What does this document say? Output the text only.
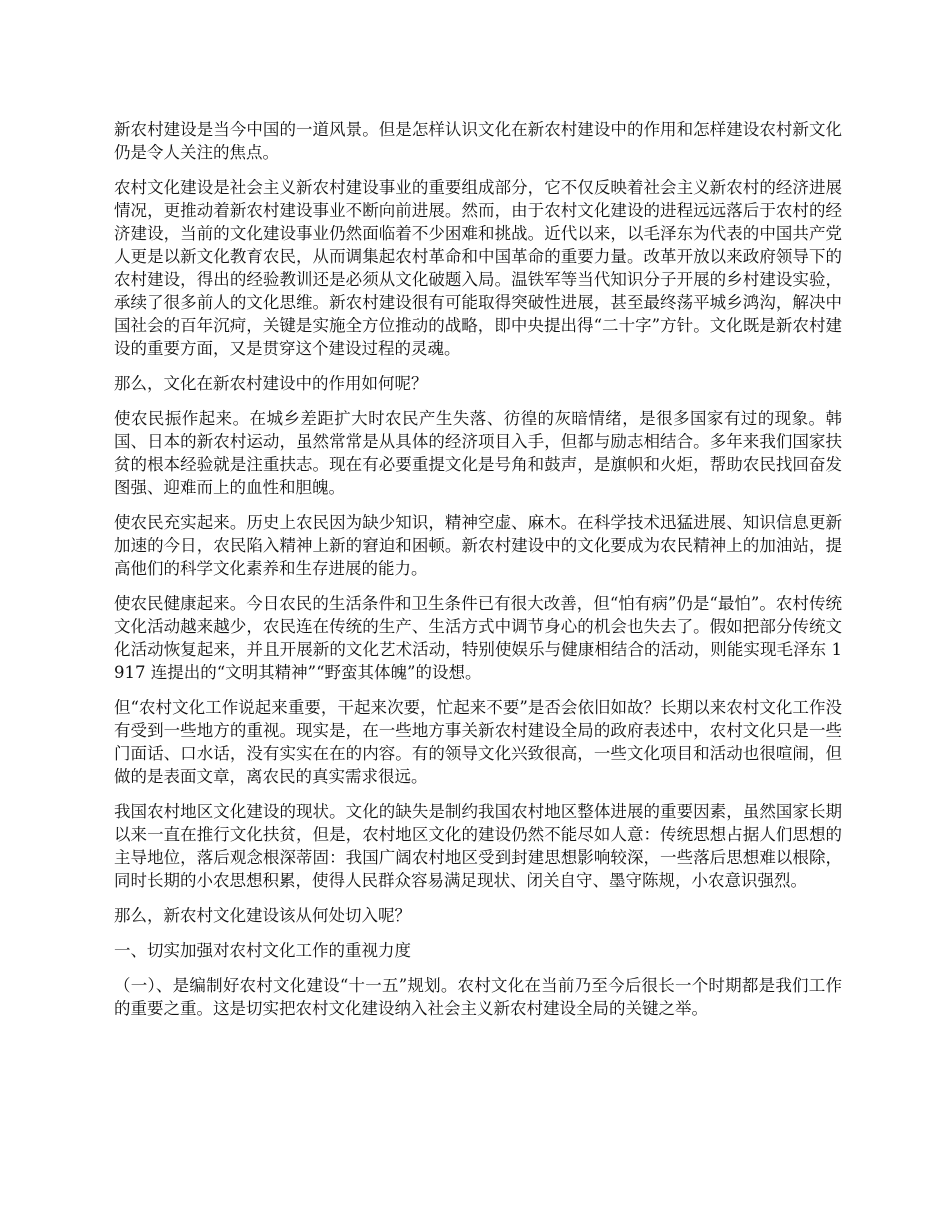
新农村建设是当今中国的一道风景。但是怎样认识文化在新农村建设中的作用和怎样建设农村新文化仍是令人关注的焦点。

农村文化建设是社会主义新农村建设事业的重要组成部分，它不仅反映着社会主义新农村的经济进展情况，更推动着新农村建设事业不断向前进展。然而，由于农村文化建设的进程远远落后于农村的经济建设，当前的文化建设事业仍然面临着不少困难和挑战。近代以来，以毛泽东为代表的中国共产党人更是以新文化教育农民，从而调集起农村革命和中国革命的重要力量。改革开放以来政府领导下的农村建设，得出的经验教训还是必须从文化破题入局。温铁军等当代知识分子开展的乡村建设实验，承续了很多前人的文化思维。新农村建设很有可能取得突破性进展，甚至最终荡平城乡鸿沟，解决中国社会的百年沉疴，关键是实施全方位推动的战略，即中央提出得“二十字”方针。文化既是新农村建设的重要方面，又是贯穿这个建设过程的灵魂。

那么，文化在新农村建设中的作用如何呢？

使农民振作起来。在城乡差距扩大时农民产生失落、彷徨的灰暗情绪，是很多国家有过的现象。韩国、日本的新农村运动，虽然常常是从具体的经济项目入手，但都与励志相结合。多年来我们国家扶贫的根本经验就是注重扶志。现在有必要重提文化是号角和鼓声，是旗帜和火炬，帮助农民找回奋发图强、迎难而上的血性和胆魄。

使农民充实起来。历史上农民因为缺少知识，精神空虚、麻木。在科学技术迅猛进展、知识信息更新加速的今日，农民陷入精神上新的窘迫和困顿。新农村建设中的文化要成为农民精神上的加油站，提高他们的科学文化素养和生存进展的能力。

使农民健康起来。今日农民的生活条件和卫生条件已有很大改善，但“怕有病”仍是“最怕”。农村传统文化活动越来越少，农民连在传统的生产、生活方式中调节身心的机会也失去了。假如把部分传统文化活动恢复起来，并且开展新的文化艺术活动，特别使娱乐与健康相结合的活动，则能实现毛泽东 1917 连提出的“文明其精神”“野蛮其体魄”的设想。

但“农村文化工作说起来重要，干起来次要，忙起来不要”是否会依旧如故？长期以来农村文化工作没有受到一些地方的重视。现实是，在一些地方事关新农村建设全局的政府表述中，农村文化只是一些门面话、口水话，没有实实在在的内容。有的领导文化兴致很高，一些文化项目和活动也很喧闹，但做的是表面文章，离农民的真实需求很远。

我国农村地区文化建设的现状。文化的缺失是制约我国农村地区整体进展的重要因素，虽然国家长期以来一直在推行文化扶贫，但是，农村地区文化的建设仍然不能尽如人意：传统思想占据人们思想的主导地位，落后观念根深蒂固：我国广阔农村地区受到封建思想影响较深，一些落后思想难以根除，同时长期的小农思想积累，使得人民群众容易满足现状、闭关自守、墨守陈规，小农意识强烈。

那么，新农村文化建设该从何处切入呢？

一、切实加强对农村文化工作的重视力度

（一）、是编制好农村文化建设“十一五”规划。农村文化在当前乃至今后很长一个时期都是我们工作的重要之重。这是切实把农村文化建设纳入社会主义新农村建设全局的关键之举。
